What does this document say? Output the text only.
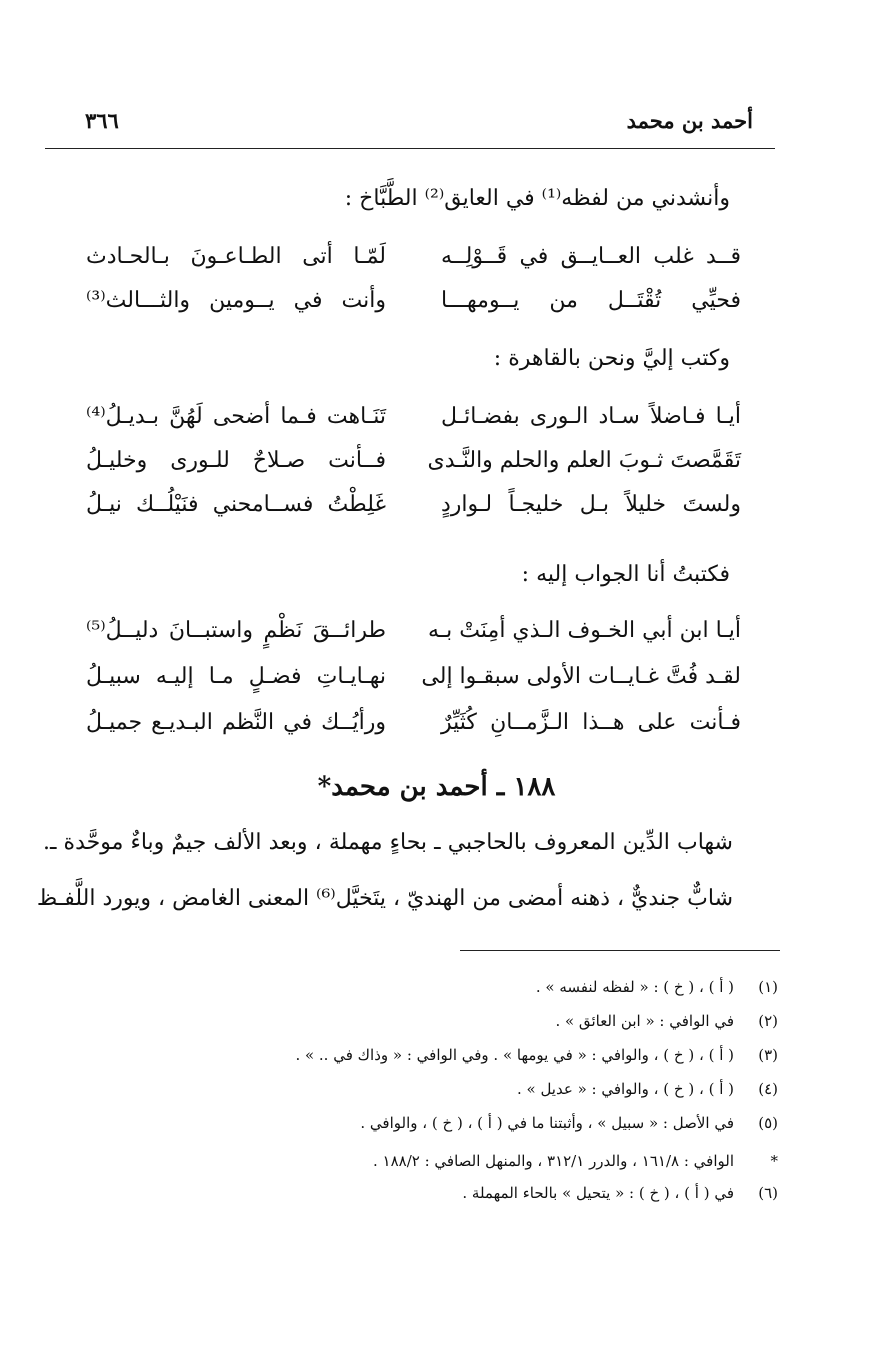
أحمد بن محمد
٣٦٦
وأنشدني من لفظه⁽¹⁾ في العايق⁽²⁾ الطَّبَّاخ :
قــد غلب العــايــق في قَــوْلِــه
لَمّـا أتى الطـاعـونَ بـالحـادث
فحيِّي تُقْتَــل من يــومهـــا
وأنت في يــومين والثـــالث⁽³⁾
وكتب إليَّ ونحن بالقاهرة :
أيـا فـاضلاً سـاد الـورى بفضـائـل
تَنَـاهت فـما أضحى لَهُنَّ بـديـلُ⁽⁴⁾
تَقَمَّصتَ ثـوبَ العلم والحلم والنَّـدى
فــأنت صـلاحٌ للـورى وخليـلُ
ولستَ خليلاً بـل خليجـاً لـواردٍ
غَلِطْتُ فســامحني فنَيْلُــك نيـلُ
فكتبتُ أنا الجواب إليه :
أيـا ابن أبي الخـوف الـذي أمِنَتْ بـه
طرائــقَ نَظْمٍ واستبــانَ دليــلُ⁽⁵⁾
لقـد فُتَّ غـايــات الأولى سبقـوا إلى
نهـايـاتِ فضـلٍ مـا إليـه سبيـلُ
فـأنت على هــذا الـزَّمــانِ كُثَيِّرٌ
ورأيُــك في النَّظم البـديـع جميـلُ
١٨٨ ـ أحمد بن محمد*
شهاب الدِّين المعروف بالحاجبي ـ بحاءٍ مهملة ، وبعد الألف جيمٌ وباءٌ موحَّدة ـ.
شابٌّ جنديٌّ ، ذهنه أمضى من الهنديّ ، يتَخيَّل⁽⁶⁾ المعنى الغامض ، ويورد اللَّفـظ
(١)
( أ ) ، ( خ ) : « لفظه لنفسه » .
(٢)
في الوافي : « ابن العائق » .
(٣)
( أ ) ، ( خ ) ، والوافي : « في يومها » . وفي الوافي : « وذاك في .. » .
(٤)
( أ ) ، ( خ ) ، والوافي : « عديل » .
(٥)
في الأصل : « سبيل » ، وأثبتنا ما في ( أ ) ، ( خ ) ، والوافي .
*
الوافي : ١٦١/٨ ، والدرر ٣١٢/١ ، والمنهل الصافي : ١٨٨/٢ .
(٦)
في ( أ ) ، ( خ ) : « يتحيل » بالحاء المهملة .
